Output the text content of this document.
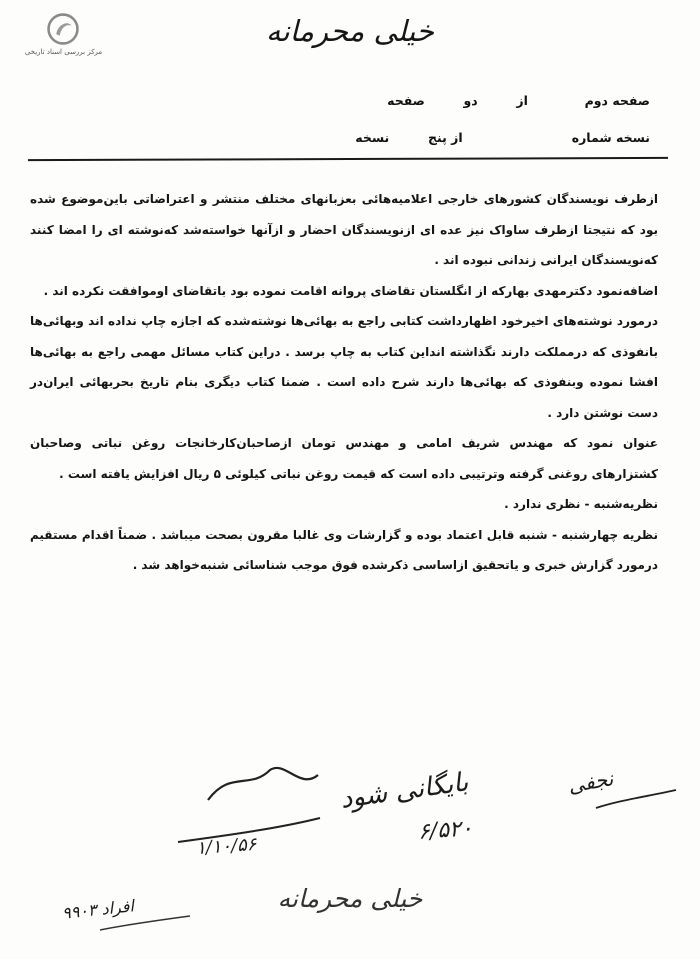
مرکز بررسی اسناد تاریخی
خیلی محرمانه
صفحه دوم  از  دو  صفحه
نسخه شماره   از پنج  نسخه

ازطرف نویسندگان کشورهای خارجی اعلامیه‌هائی بعزبانهای مختلف منتشر و اعتراضاتی باین‌موضوع شده بود که نتیجتا ازطرف ساواک نیز عده ای ازنویسندگان احضار و ازآنها خواسته‌شد که‌نوشته ای را امضا کنند که‌نویسندگان ایرانی زندانی نبوده اند .

اضافه‌نمود دکترمهدی بهارکه از انگلستان تقاضای پروانه اقامت نموده بود باتقاضای اوموافقت نکرده اند .

درمورد نوشته‌های اخیرخود اظهارداشت کتابی راجع به بهائی‌ها نوشته‌شده که اجازه چاپ نداده اند وبهائی‌ها بانفوذی که درمملکت دارند نگذاشته انداین کتاب به چاپ برسد . دراین کتاب مسائل مهمی راجع به بهائی‌ها افشا نموده وبنفوذی که بهائی‌ها دارند شرح داده است . ضمنا کتاب دیگری بنام تاریخ بحربهائی ایران‌در دست نوشتن دارد .

عنوان نمود که مهندس شریف امامی و مهندس تومان ازصاحبان‌کارخانجات روغن نباتی وصاحبان کشتزارهای روغنی گرفته وترتیبی داده است که قیمت روغن نباتی کیلوئی ۵ ریال افزایش یافته است .

نظریه‌شنبه - نظری ندارد .

نظریه چهارشنبه - شنبه قابل اعتماد بوده و گزارشات وی غالبا مقرون بصحت میباشد . ضمناً اقدام مستقیم درمورد گزارش خبری و یاتحقیق ازاساسی ذکرشده فوق موجب شناسائی شنبه‌خواهد شد .

بایگانی شود
۶/۵۲۰
نجفی
۱/۱۰/۵۶
۹۹۰۳ افراد	خیلی محرمانه
